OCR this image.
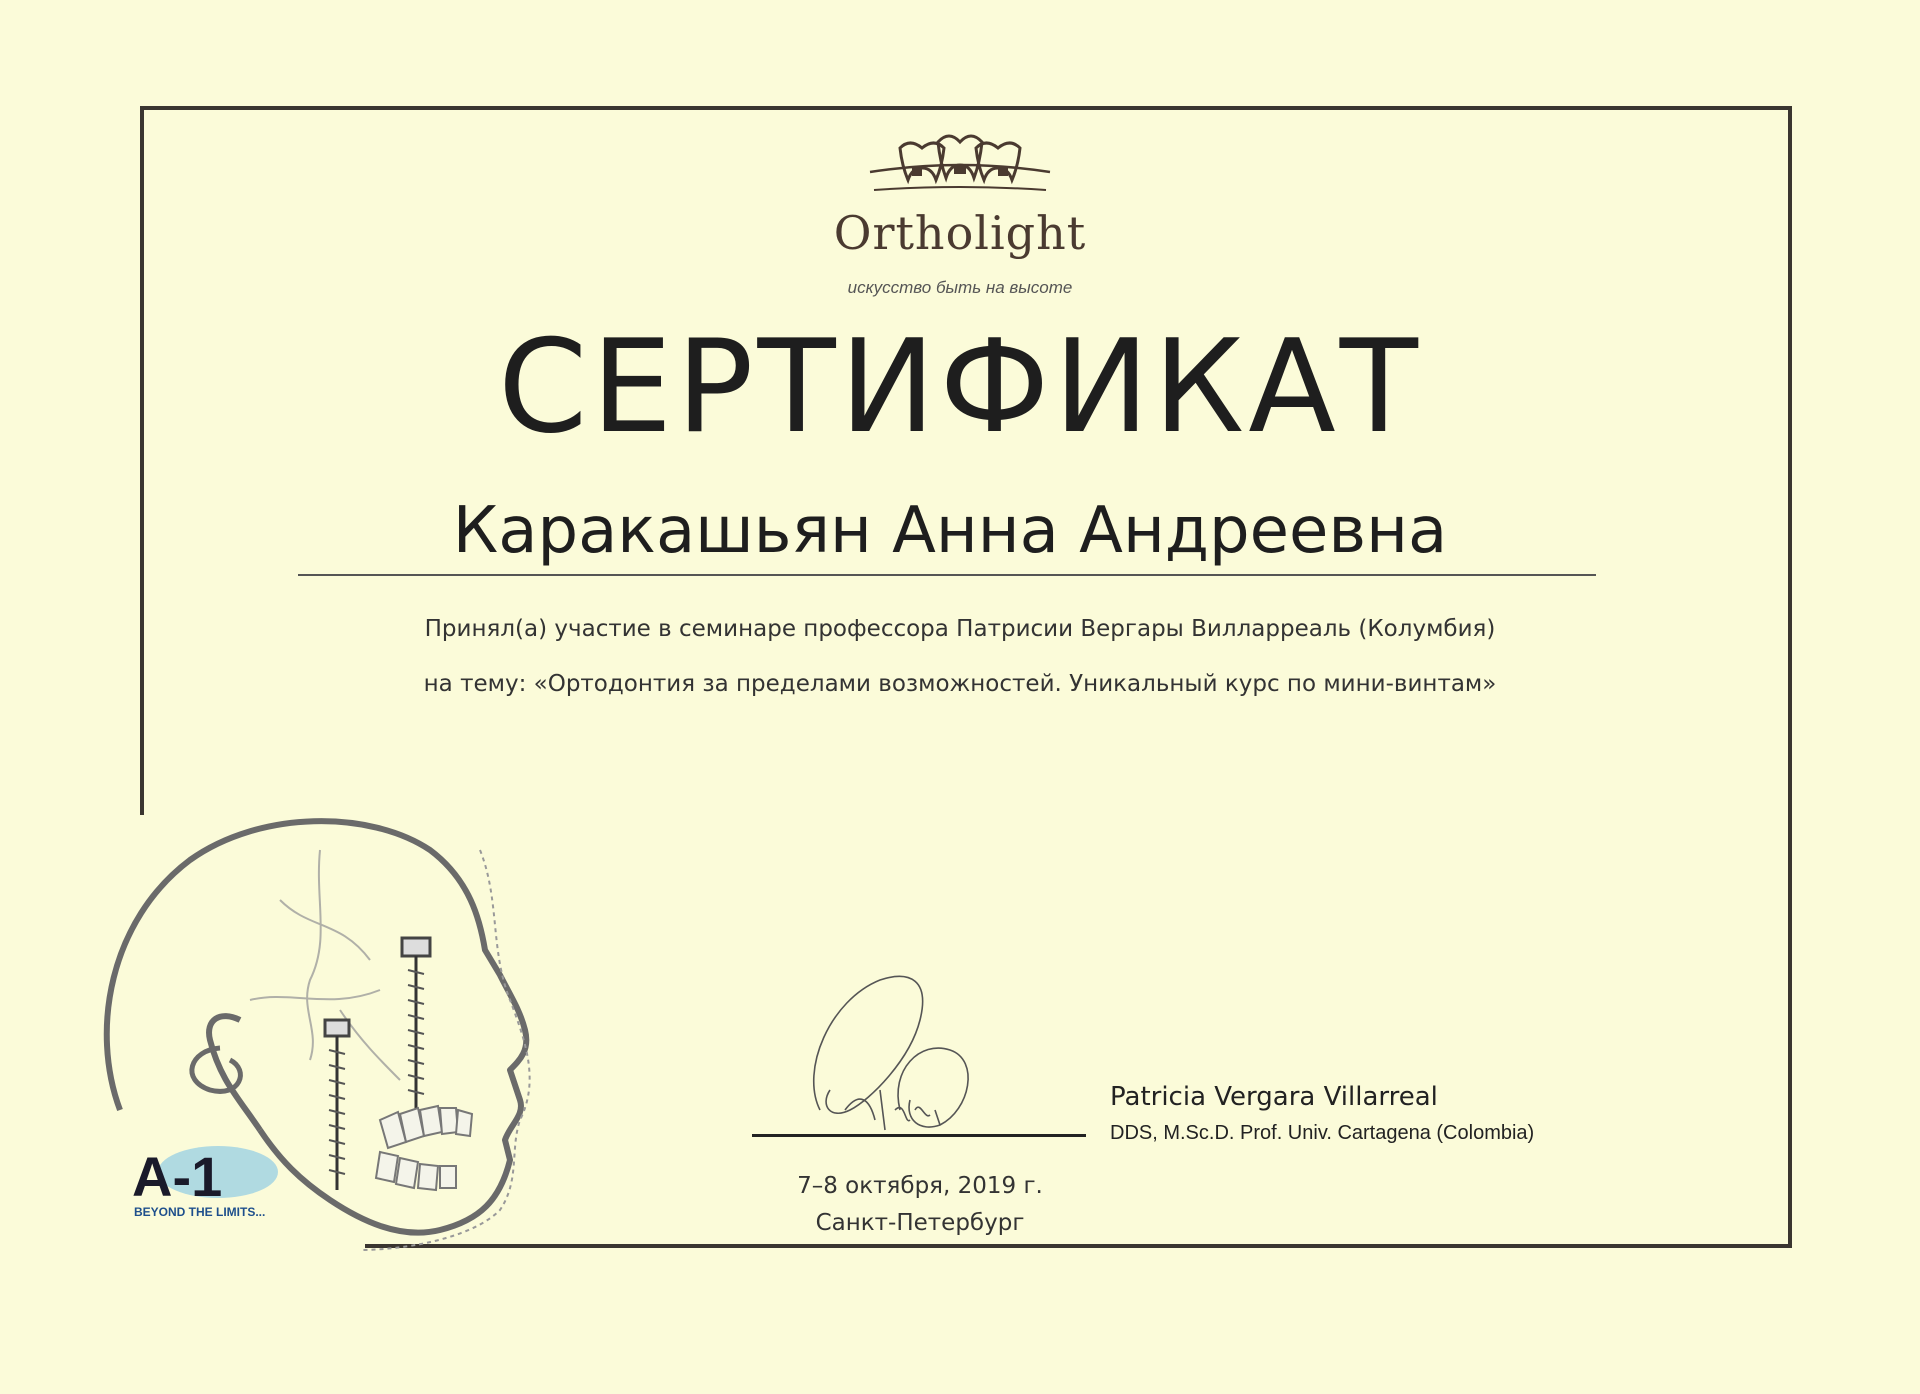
Ortholight
искусство быть на высоте
СЕРТИФИКАТ
Каракашьян Анна Андреевна
Принял(а) участие в семинаре профессора Патрисии Вергары Вилларреаль (Колумбия)
на тему: «Ортодонтия за пределами возможностей. Уникальный курс по мини-винтам»
A-1
BEYOND THE LIMITS...
7–8 октября, 2019 г.
Санкт-Петербург
Patricia Vergara Villarreal
DDS, M.Sc.D. Prof. Univ. Cartagena (Colombia)
